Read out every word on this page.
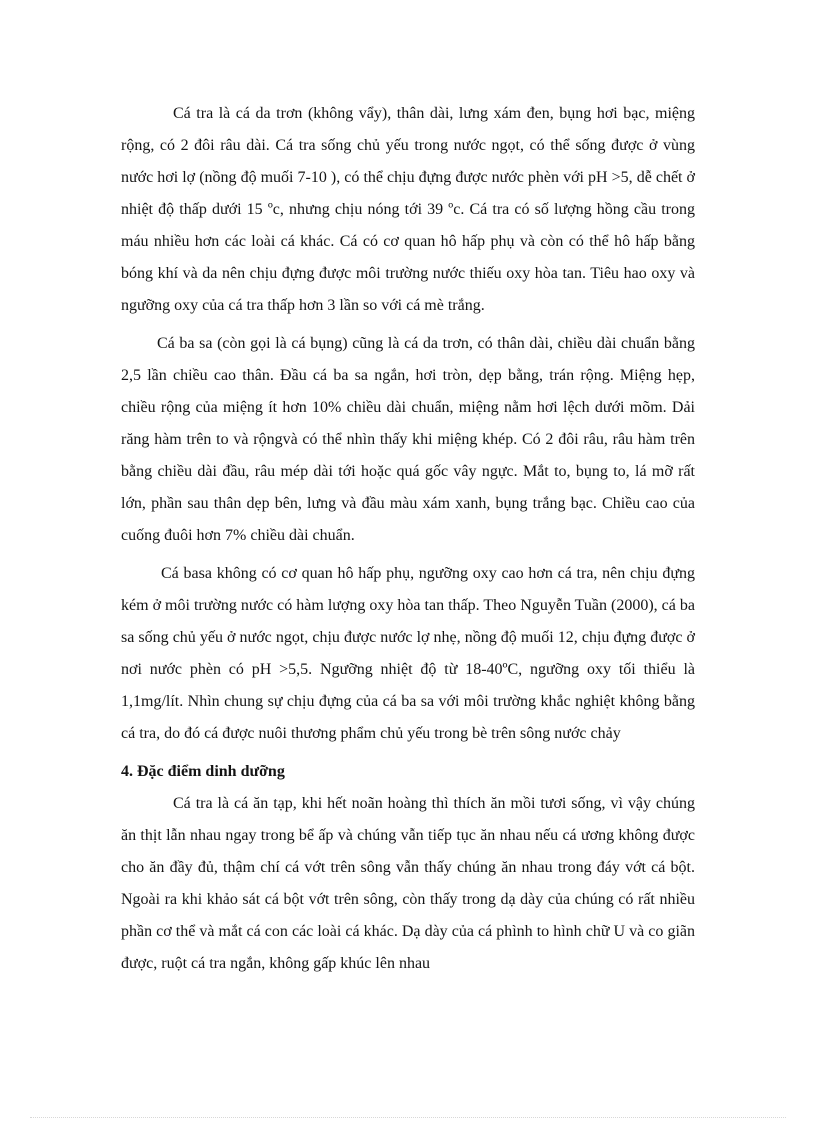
Cá tra là cá da trơn (không vẩy), thân dài, lưng xám đen, bụng hơi bạc, miệng rộng, có 2 đôi râu dài. Cá tra sống chủ yếu trong nước ngọt, có thể sống được ở vùng nước hơi lợ (nồng độ muối 7-10 ), có thể chịu đựng được nước phèn với pH >5, dễ chết ở nhiệt độ thấp dưới 15 ºc, nhưng chịu nóng tới 39 ºc. Cá tra có số lượng hồng cầu trong máu nhiều hơn các loài cá khác. Cá có cơ quan hô hấp phụ và còn có thể hô hấp bằng bóng khí và da nên chịu đựng được môi trường nước thiếu oxy hòa tan. Tiêu hao oxy và ngưỡng oxy của cá tra thấp hơn 3 lần so với cá mè trắng.

Cá ba sa (còn gọi là cá bụng) cũng là cá da trơn, có thân dài, chiều dài chuẩn bằng 2,5 lần chiều cao thân. Đầu cá ba sa ngắn, hơi tròn, dẹp bằng, trán rộng. Miệng hẹp, chiều rộng của miệng ít hơn 10% chiều dài chuẩn, miệng nằm hơi lệch dưới mõm. Dải răng hàm trên to và rộngvà có thể nhìn thấy khi miệng khép. Có 2 đôi râu, râu hàm trên bằng chiều dài đầu, râu mép dài tới hoặc quá gốc vây ngực. Mắt to, bụng to, lá mỡ rất lớn, phần sau thân dẹp bên, lưng và đầu màu xám xanh, bụng trắng bạc. Chiều cao của cuống đuôi hơn 7% chiều dài chuẩn.

Cá basa không có cơ quan hô hấp phụ, ngưỡng oxy cao hơn cá tra, nên chịu đựng kém ở môi trường nước có hàm lượng oxy hòa tan thấp. Theo Nguyễn Tuần (2000), cá ba sa sống chủ yếu ở nước ngọt, chịu được nước lợ nhẹ, nồng độ muối 12, chịu đựng được ở nơi nước phèn có pH >5,5. Ngưỡng nhiệt độ từ 18-40ºC, ngưỡng oxy tối thiểu là 1,1mg/lít. Nhìn chung sự chịu đựng của cá ba sa với môi trường khắc nghiệt không bằng cá tra, do đó cá được nuôi thương phẩm chủ yếu trong bè trên sông nước chảy

4. Đặc điểm dinh dưỡng

Cá tra là cá ăn tạp, khi hết noãn hoàng thì thích ăn mồi tươi sống, vì vậy chúng ăn thịt lẫn nhau ngay trong bể ấp và chúng vẫn tiếp tục ăn nhau nếu cá ương không được cho ăn đầy đủ, thậm chí cá vớt trên sông vẫn thấy chúng ăn nhau trong đáy vớt cá bột. Ngoài ra khi khảo sát cá bột vớt trên sông, còn thấy trong dạ dày của chúng có rất nhiều phần cơ thể và mắt cá con các loài cá khác. Dạ dày của cá phình to hình chữ U và co giãn được, ruột cá tra ngắn, không gấp khúc lên nhau
